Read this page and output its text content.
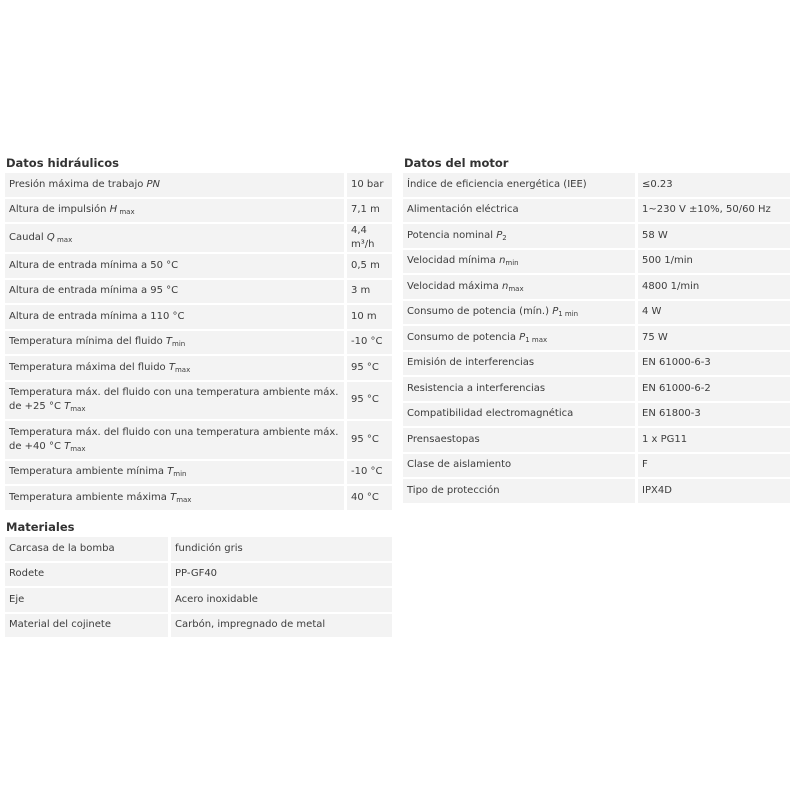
Datos hidráulicos
Presión máxima de trabajo PN	10 bar
Altura de impulsión H $_{max}$	7,1 m
Caudal Q $_{max}$	4,4 m³/h
Altura de entrada mínima a 50 °C	0,5 m
Altura de entrada mínima a 95 °C	3 m
Altura de entrada mínima a 110 °C	10 m
Temperatura mínima del fluido $T_{min}$	-10 °C
Temperatura máxima del fluido $T_{max}$	95 °C
Temperatura máx. del fluido con una temperatura ambiente máx. de +25 °C $T_{max}$	95 °C
Temperatura máx. del fluido con una temperatura ambiente máx. de +40 °C $T_{max}$	95 °C
Temperatura ambiente mínima $T_{min}$	-10 °C
Temperatura ambiente máxima $T_{max}$	40 °C
Materiales
Carcasa de la bomba	fundición gris
Rodete	PP-GF40
Eje	Acero inoxidable
Material del cojinete	Carbón, impregnado de metal
Datos del motor
Índice de eficiencia energética (IEE)	≤0.23
Alimentación eléctrica	1~230 V ±10%, 50/60 Hz
Potencia nominal $P_2$	58 W
Velocidad mínima $n_{min}$	500 1/min
Velocidad máxima $n_{max}$	4800 1/min
Consumo de potencia (mín.) $P_{1 min}$	4 W
Consumo de potencia $P_{1 max}$	75 W
Emisión de interferencias	EN 61000-6-3
Resistencia a interferencias	EN 61000-6-2
Compatibilidad electromagnética	EN 61800-3
Prensaestopas	1 x PG11
Clase de aislamiento	F
Tipo de protección	IPX4D
